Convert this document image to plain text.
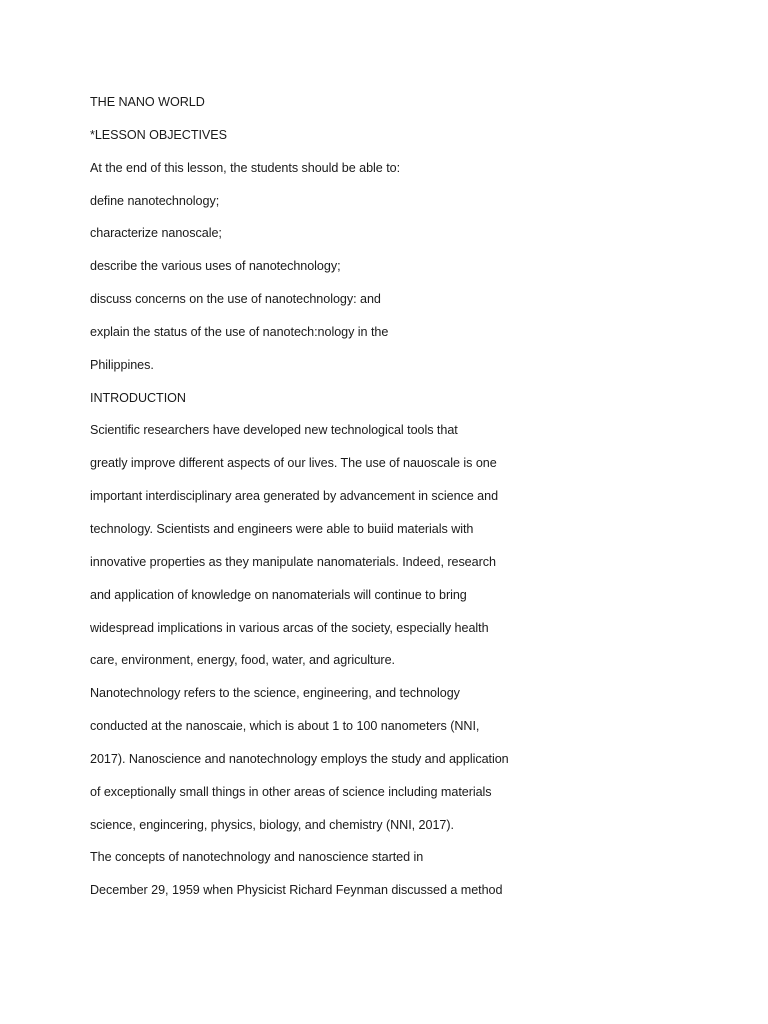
THE NANO WORLD
*LESSON OBJECTIVES
At the end of this lesson, the students should be able to:
define nanotechnology;
characterize nanoscale;
describe the various uses of nanotechnology;
discuss concerns on the use of nanotechnology: and
explain the status of the use of nanotech:nology in the
Philippines.
INTRODUCTION
Scientific researchers have developed new technological tools that
greatly improve different aspects of our lives. The use of nauoscale is one
important interdisciplinary area generated by advancement in science and
technology. Scientists and engineers were able to buiid materials with
innovative properties as they manipulate nanomaterials. Indeed, research
and application of knowledge on nanomaterials will continue to bring
widespread implications in various arcas of the society, especially health
care, environment, energy, food, water, and agriculture.
Nanotechnology refers to the science, engineering, and technology
conducted at the nanoscaie, which is about 1 to 100 nanometers (NNI,
2017). Nanoscience and nanotechnology employs the study and application
of exceptionally small things in other areas of science including materials
science, engincering, physics, biology, and chemistry (NNI, 2017).
The concepts of nanotechnology and nanoscience started in
December 29, 1959 when Physicist Richard Feynman discussed a method
